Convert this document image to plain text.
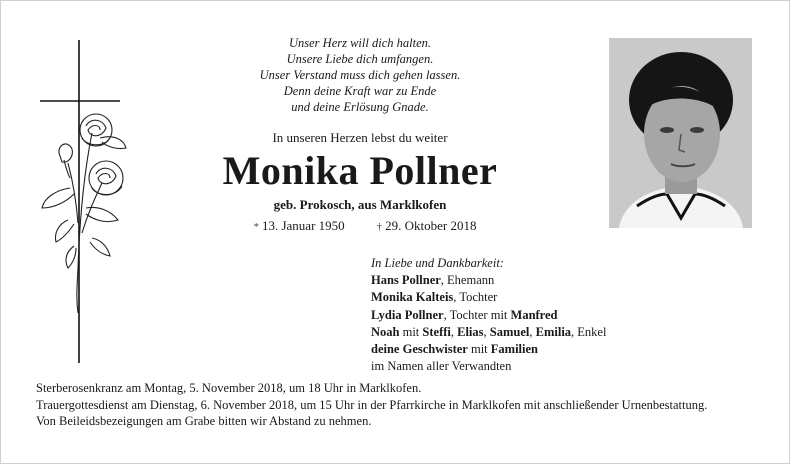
Unser Herz will dich halten.
Unsere Liebe dich umfangen.
Unser Verstand muss dich gehen lassen.
Denn deine Kraft war zu Ende
und deine Erlösung Gnade.
In unseren Herzen lebst du weiter
Monika Pollner
geb. Prokosch, aus Marklkofen
* 13. Januar 1950	† 29. Oktober 2018
In Liebe und Dankbarkeit:
Hans Pollner, Ehemann
Monika Kalteis, Tochter
Lydia Pollner, Tochter mit Manfred
Noah mit Steffi, Elias, Samuel, Emilia, Enkel
deine Geschwister mit Familien
im Namen aller Verwandten
Sterberosenkranz am Montag, 5. November 2018, um 18 Uhr in Marklkofen.
Trauergottesdienst am Dienstag, 6. November 2018, um 15 Uhr in der Pfarrkirche in Marklkofen mit anschließender Urnenbestattung.
Von Beileidsbezeigungen am Grabe bitten wir Abstand zu nehmen.
